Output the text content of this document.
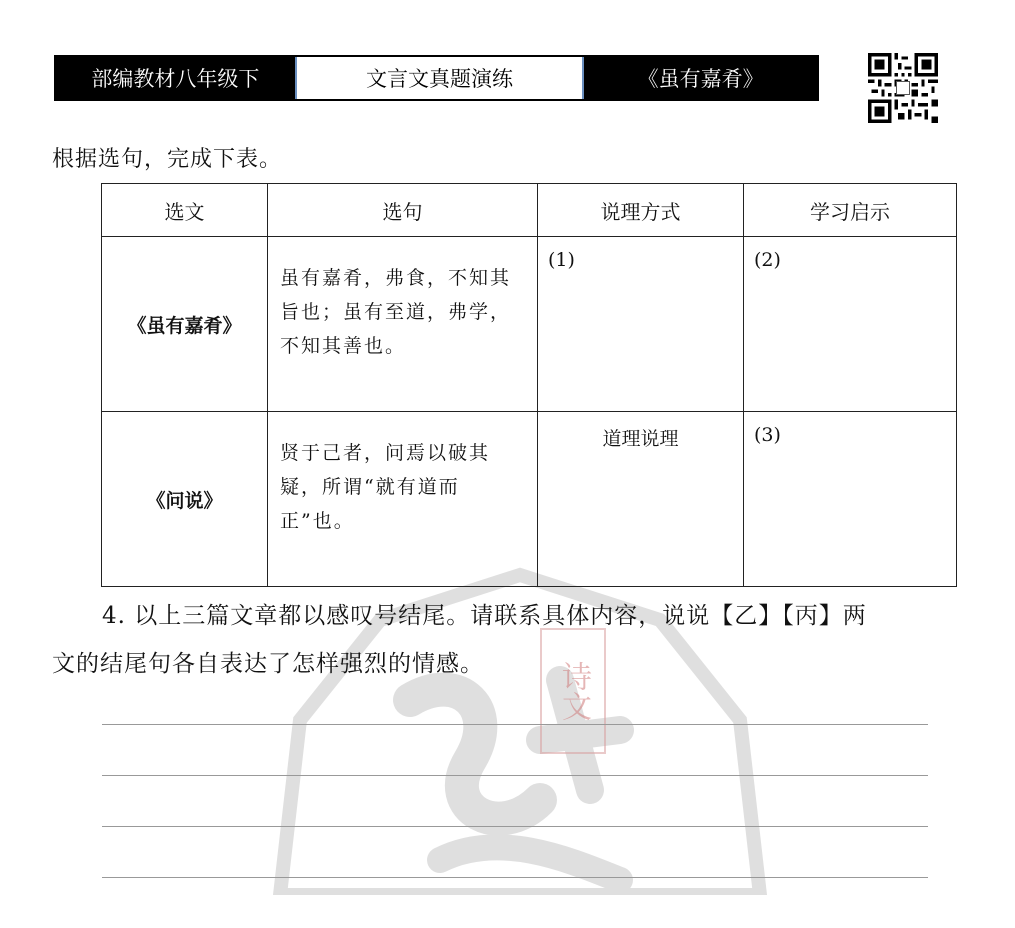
部编教材八年级下	文言文真题演练	《虽有嘉肴》
诗文
根据选句，完成下表。
选文	选句	说理方式	学习启示
《虽有嘉肴》	虽有嘉肴，弗食，不知其旨也；虽有至道，弗学，不知其善也。	(1)	(2)
《问说》	贤于己者，问焉以破其疑，所谓“就有道而正”也。	道理说理	(3)
4. 以上三篇文章都以感叹号结尾。请联系具体内容，说说【乙】【丙】两
文的结尾句各自表达了怎样强烈的情感。
